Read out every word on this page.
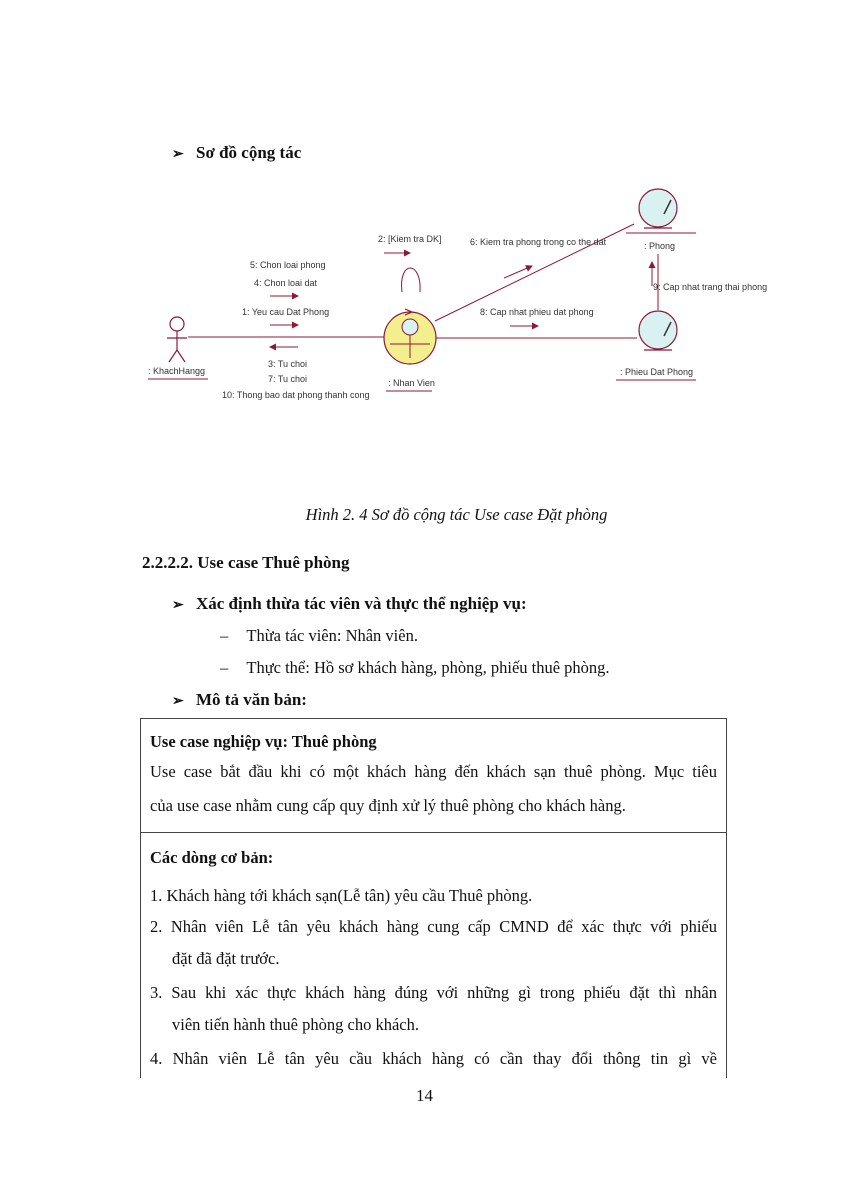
➢ Sơ đồ cộng tác
: KhachHangg
: Nhan Vien
: Phong
: Phieu Dat Phong
2: [Kiem tra DK]
5: Chon loai phong
4: Chon loai dat
1: Yeu cau Dat Phong
3: Tu choi
7: Tu choi
10: Thong bao dat phong thanh cong
6: Kiem tra phong trong co the dat
8: Cap nhat phieu dat phong
9: Cap nhat trang thai phong
Hình 2. 4 Sơ đồ cộng tác Use case Đặt phòng
2.2.2.2. Use case Thuê phòng
➢ Xác định thừa tác viên và thực thể nghiệp vụ:
– Thừa tác viên: Nhân viên.
– Thực thể: Hồ sơ khách hàng, phòng, phiếu thuê phòng.
➢ Mô tả văn bản:
Use case nghiệp vụ: Thuê phòng
Use case bắt đầu khi có một khách hàng đến khách sạn thuê phòng. Mục tiêu
của use case nhằm cung cấp quy định xử lý thuê phòng cho khách hàng.
Các dòng cơ bản:
1. Khách hàng tới khách sạn(Lễ tân) yêu cầu Thuê phòng.
2. Nhân viên Lễ tân yêu khách hàng cung cấp CMND để xác thực với phiếu
đặt đã đặt trước.
3. Sau khi xác thực khách hàng đúng với những gì trong phiếu đặt thì nhân
viên tiến hành thuê phòng cho khách.
4. Nhân viên Lễ tân yêu cầu khách hàng có cần thay đổi thông tin gì về
14
